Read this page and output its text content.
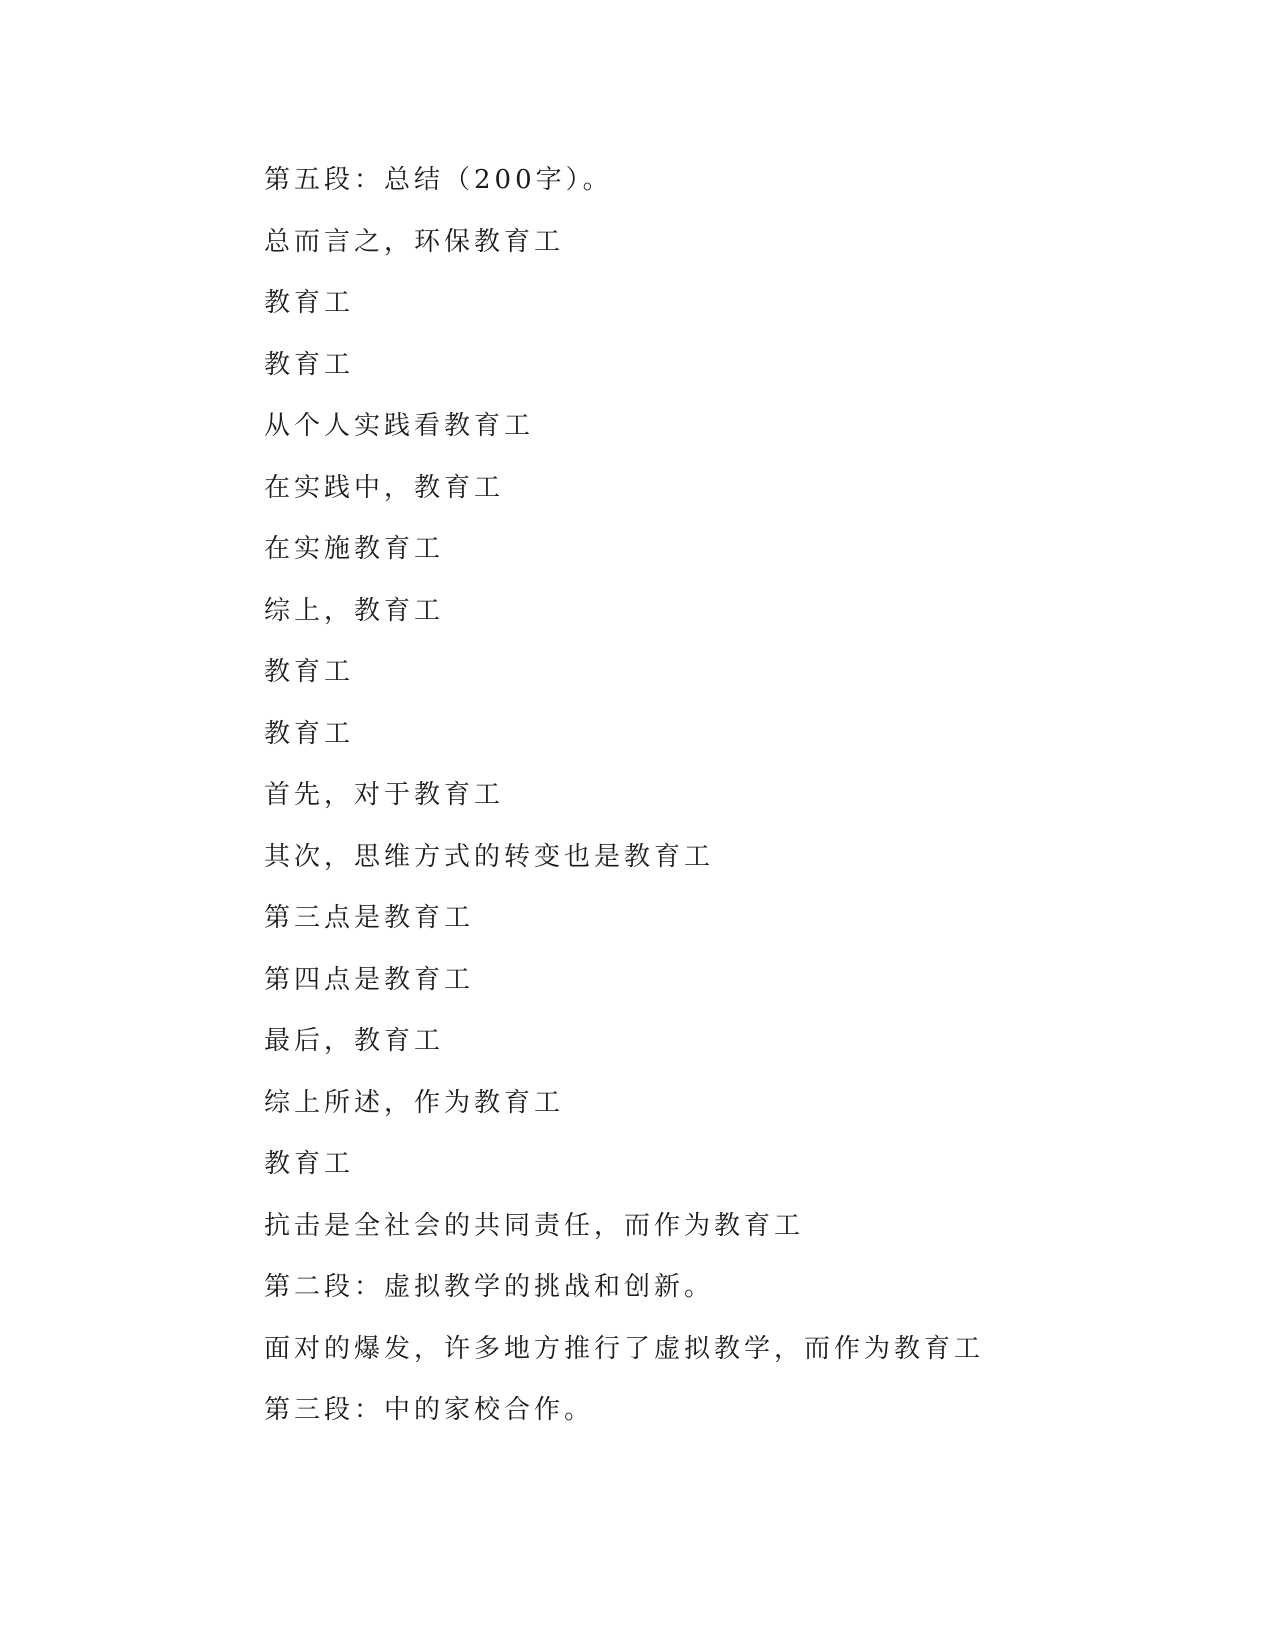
第五段：总结（200字）。
总而言之，环保教育工
教育工
教育工
从个人实践看教育工
在实践中，教育工
在实施教育工
综上，教育工
教育工
教育工
首先，对于教育工
其次，思维方式的转变也是教育工
第三点是教育工
第四点是教育工
最后，教育工
综上所述，作为教育工
教育工
抗击是全社会的共同责任，而作为教育工
第二段：虚拟教学的挑战和创新。
面对的爆发，许多地方推行了虚拟教学，而作为教育工
第三段：中的家校合作。
